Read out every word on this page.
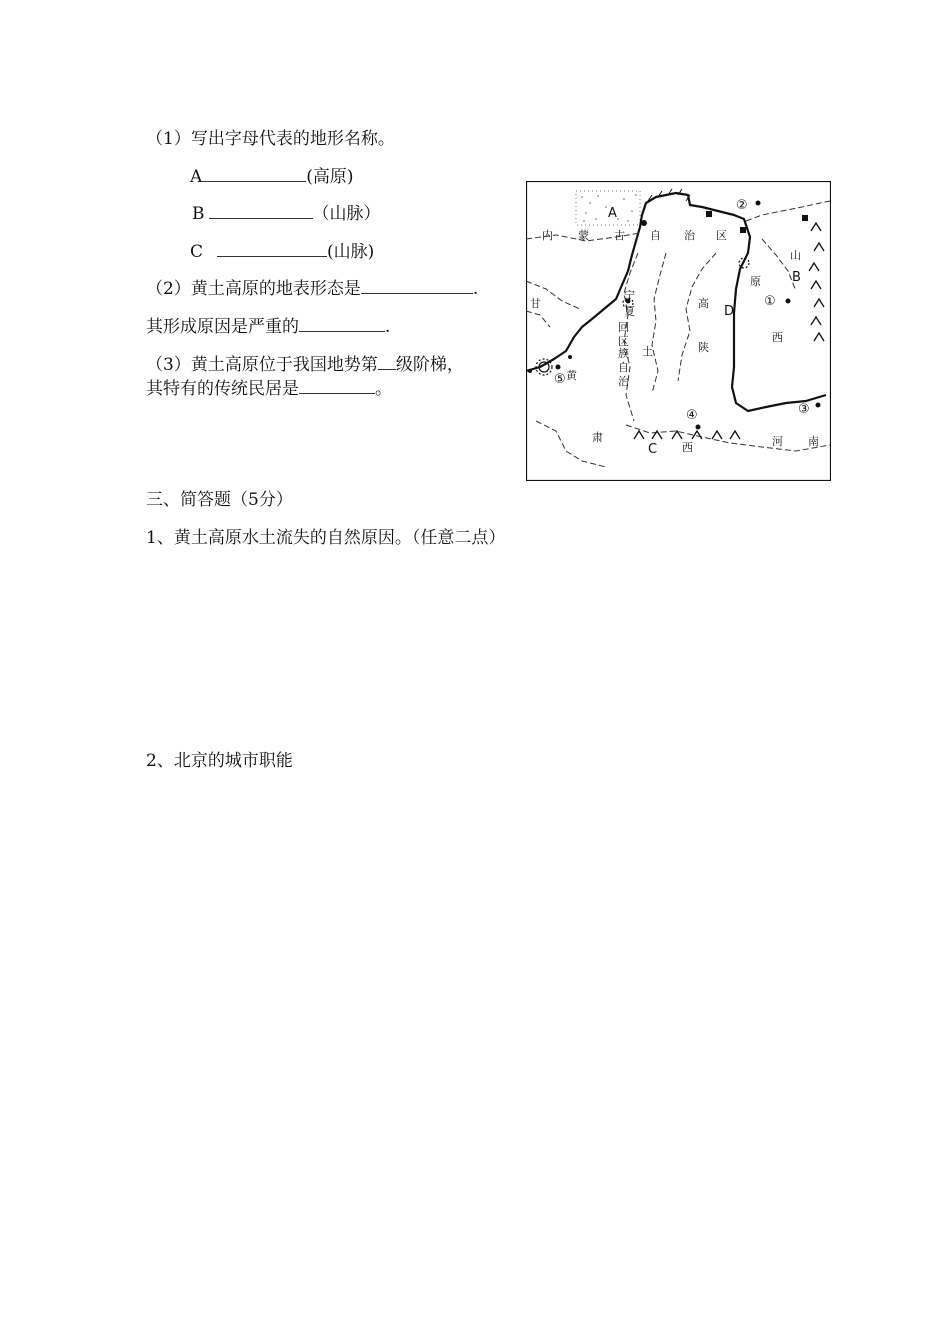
（1）写出字母代表的地形名称。
A	(高原)
B	（山脉）
C	(山脉)
（2）黄土高原的地表形态是	.
其形成原因是严重的	.
（3）黄土高原位于我国地势第 级阶梯，
其特有的传统民居是	。
内 蒙 古 自 治 区
A
B
C
D
山
原
西
甘
肃
黄
土
高
陕
宁
夏
回
族
自
治
区
西	河 南
①
②
③
④
⑤
三、简答题（5分）
1、黄土高原水土流失的自然原因。（任意二点）
2、北京的城市职能
